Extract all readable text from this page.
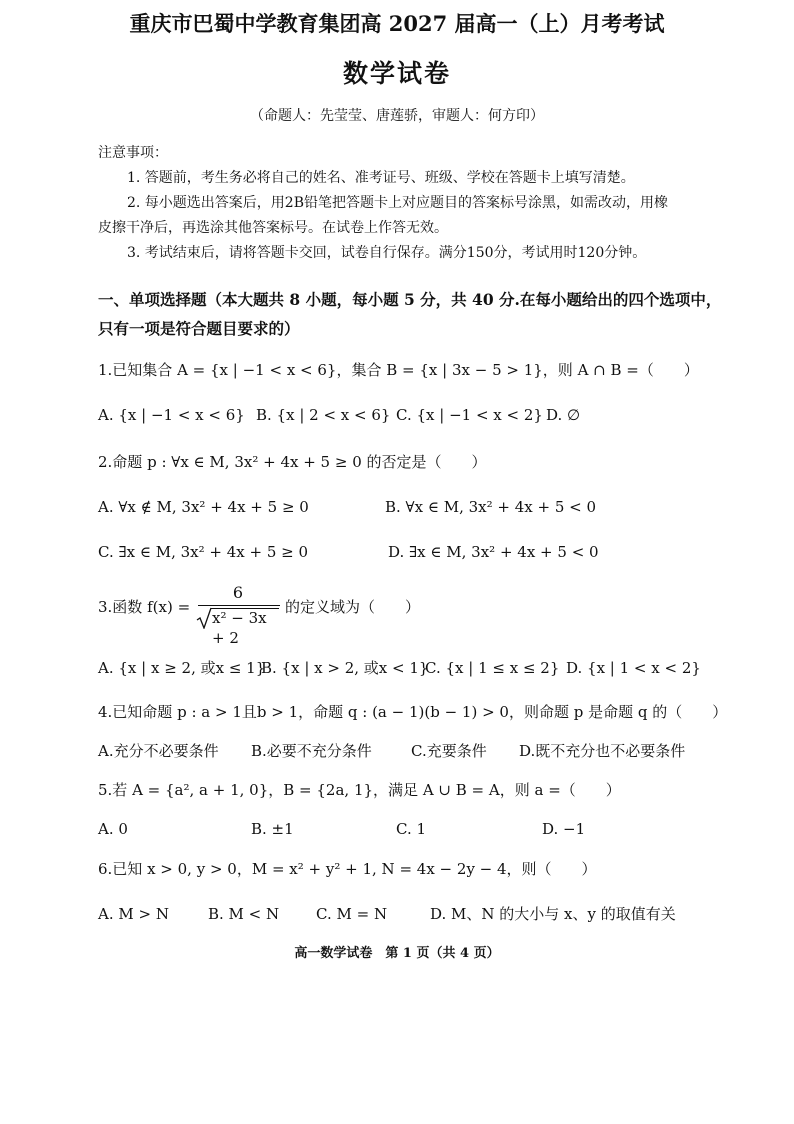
重庆市巴蜀中学教育集团高 2027 届高一（上）月考考试
数学试卷
（命题人：先莹莹、唐莲骄，审题人：何方印）
注意事项：
1. 答题前，考生务必将自己的姓名、准考证号、班级、学校在答题卡上填写清楚。
2. 每小题选出答案后，用2B铅笔把答题卡上对应题目的答案标号涂黑，如需改动，用橡
皮擦干净后，再选涂其他答案标号。在试卷上作答无效。
3. 考试结束后，请将答题卡交回，试卷自行保存。满分150分，考试用时120分钟。
一、单项选择题（本大题共 8 小题，每小题 5 分，共 40 分.在每小题给出的四个选项中，
只有一项是符合题目要求的）
1.已知集合 A = {x | −1 < x < 6}，集合 B = {x | 3x − 5 > 1}，则 A ∩ B =（　　）
A. {x | −1 < x < 6} B. {x | 2 < x < 6} C. {x | −1 < x < 2} D. ∅
2.命题 p : ∀x ∈ M, 3x² + 4x + 5 ≥ 0 的否定是（　　）
A. ∀x ∉ M, 3x² + 4x + 5 ≥ 0	B. ∀x ∈ M, 3x² + 4x + 5 < 0
C. ∃x ∈ M, 3x² + 4x + 5 ≥ 0	D. ∃x ∈ M, 3x² + 4x + 5 < 0
3.函数 f(x) =
6
x² − 3x + 2
的定义域为（　　）
A. {x | x ≥ 2, 或x ≤ 1}
B. {x | x > 2, 或x < 1}
C. {x | 1 ≤ x ≤ 2} D. {x | 1 < x < 2}
4.已知命题 p : a > 1且b > 1，命题 q : (a − 1)(b − 1) > 0，则命题 p 是命题 q 的（　　）
A.充分不必要条件 B.必要不充分条件	C.充要条件 D.既不充分也不必要条件
5.若 A = {a², a + 1, 0}，B = {2a, 1}，满足 A ∪ B = A，则 a =（　　）
A. 0	B. ±1	C. 1	D. −1
6.已知 x > 0, y > 0，M = x² + y² + 1, N = 4x − 2y − 4，则（　　）
A. M > N	B. M < N C. M = N	D. M、N 的大小与 x、y 的取值有关
高一数学试卷　第 1 页（共 4 页）
